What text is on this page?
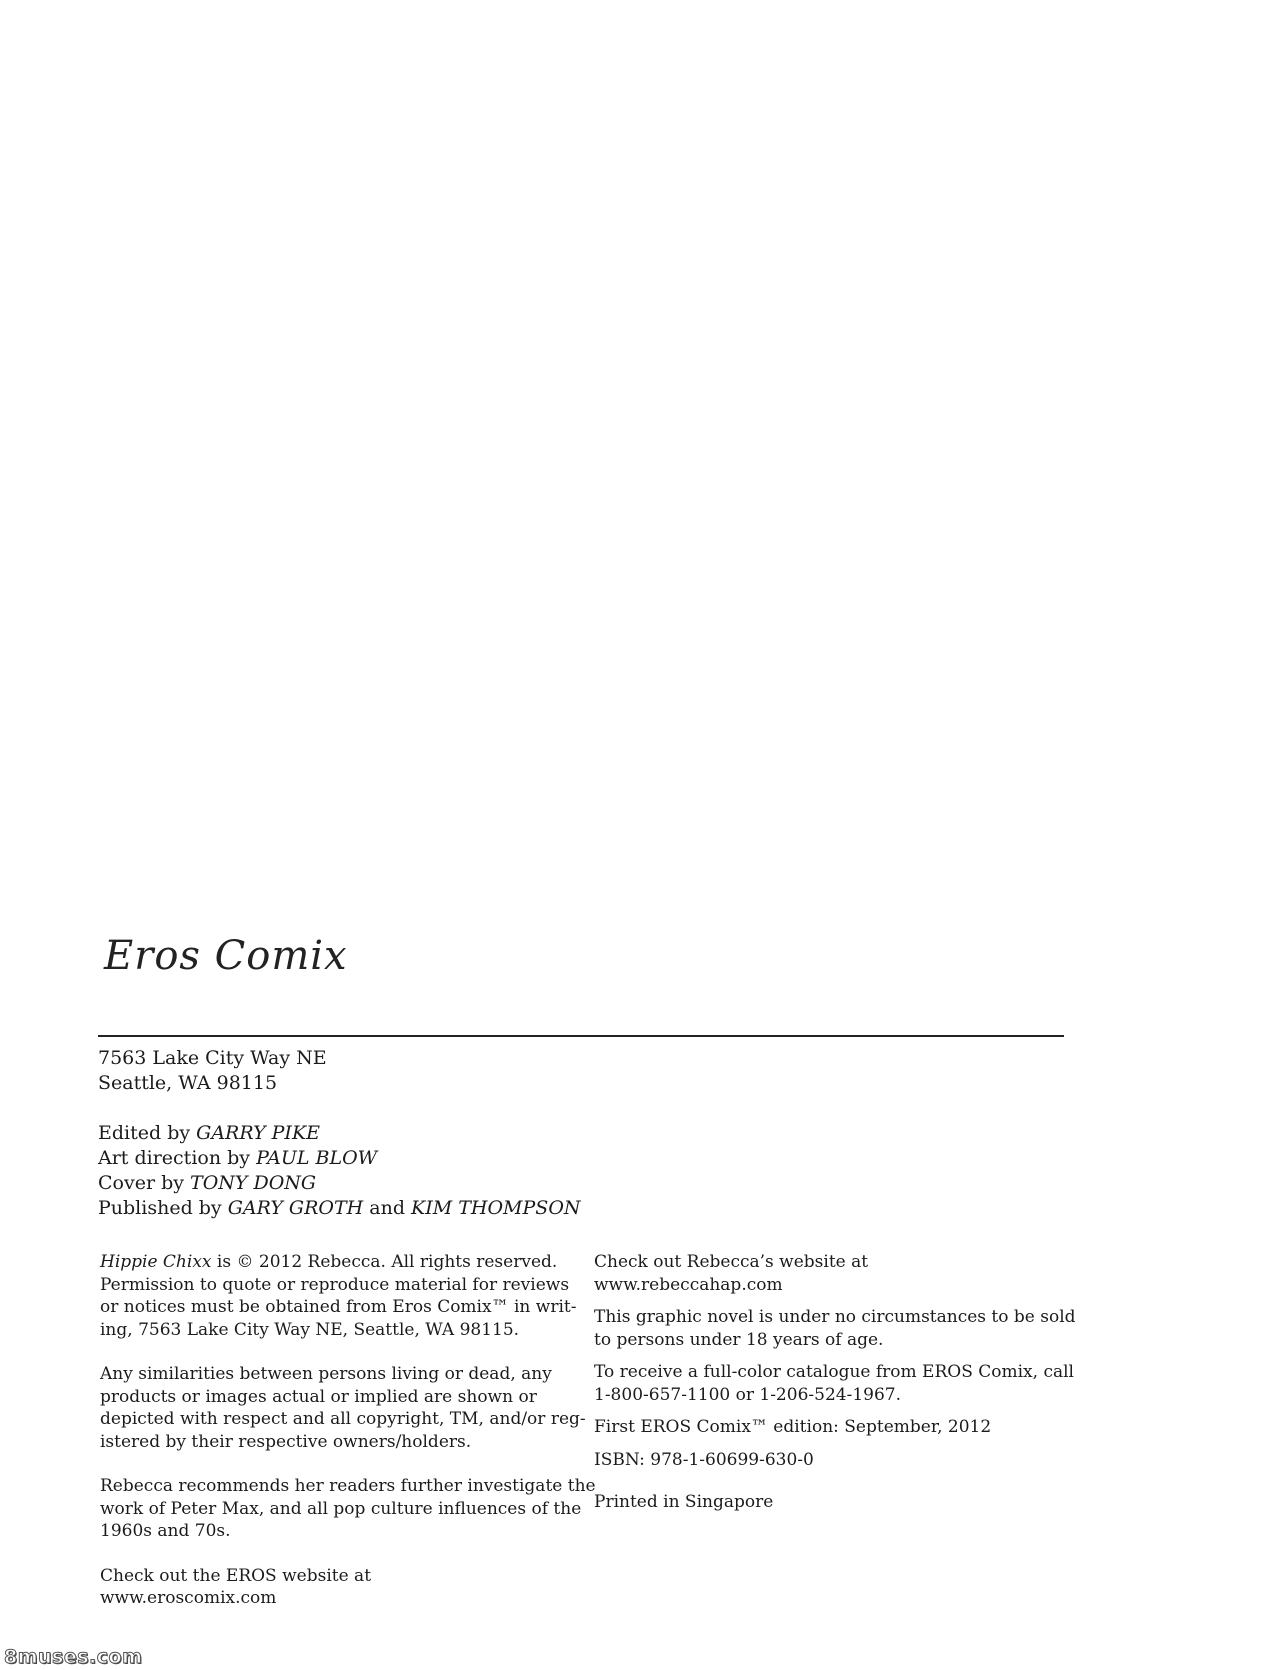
Eros Comix
7563 Lake City Way NE
Seattle, WA 98115
Edited by GARRY PIKE
Art direction by PAUL BLOW
Cover by TONY DONG
Published by GARY GROTH and KIM THOMPSON

Hippie Chixx is © 2012 Rebecca. All rights reserved.
Permission to quote or reproduce material for reviews
or notices must be obtained from Eros Comix™ in writ-
ing, 7563 Lake City Way NE, Seattle, WA 98115.

Any similarities between persons living or dead, any
products or images actual or implied are shown or
depicted with respect and all copyright, TM, and/or reg-
istered by their respective owners/holders.

Rebecca recommends her readers further investigate the
work of Peter Max, and all pop culture influences of the
1960s and 70s.

Check out the EROS website at
www.eroscomix.com

Check out Rebecca’s website at
www.rebeccahap.com

This graphic novel is under no circumstances to be sold
to persons under 18 years of age.

To receive a full-color catalogue from EROS Comix, call
1-800-657-1100 or 1-206-524-1967.

First EROS Comix™ edition: September, 2012

ISBN: 978-1-60699-630-0

Printed in Singapore

8muses.com
